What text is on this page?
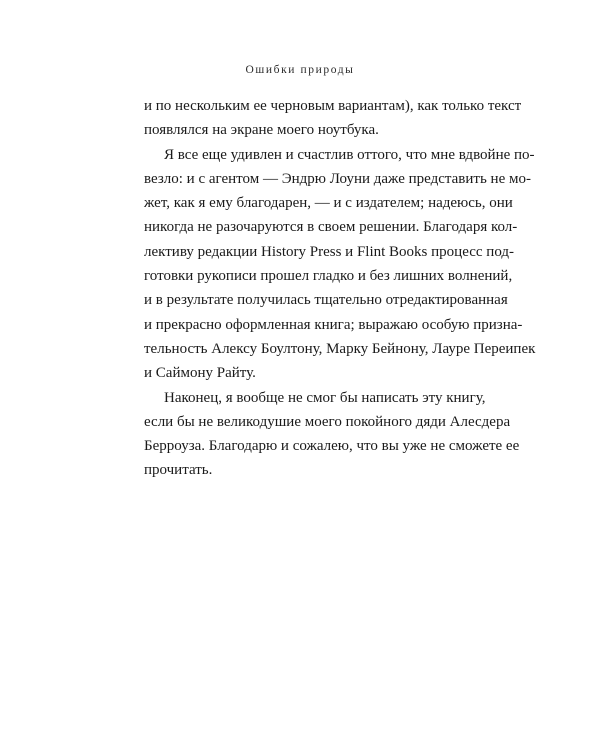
Ошибки природы
и по нескольким ее черновым вариантам), как только текст
появлялся на экране моего ноутбука.
Я все еще удивлен и счастлив оттого, что мне вдвойне по-
везло: и с агентом — Эндрю Лоуни даже представить не мо-
жет, как я ему благодарен, — и с издателем; надеюсь, они
никогда не разочаруются в своем решении. Благодаря кол-
лективу редакции History Press и Flint Books процесс под-
готовки рукописи прошел гладко и без лишних волнений,
и в результате получилась тщательно отредактированная
и прекрасно оформленная книга; выражаю особую призна-
тельность Алексу Боултону, Марку Бейнону, Лауре Переипек
и Саймону Райту.
Наконец, я вообще не смог бы написать эту книгу,
если бы не великодушие моего покойного дяди Алесдера
Берроуза. Благодарю и сожалею, что вы уже не сможете ее
прочитать.
